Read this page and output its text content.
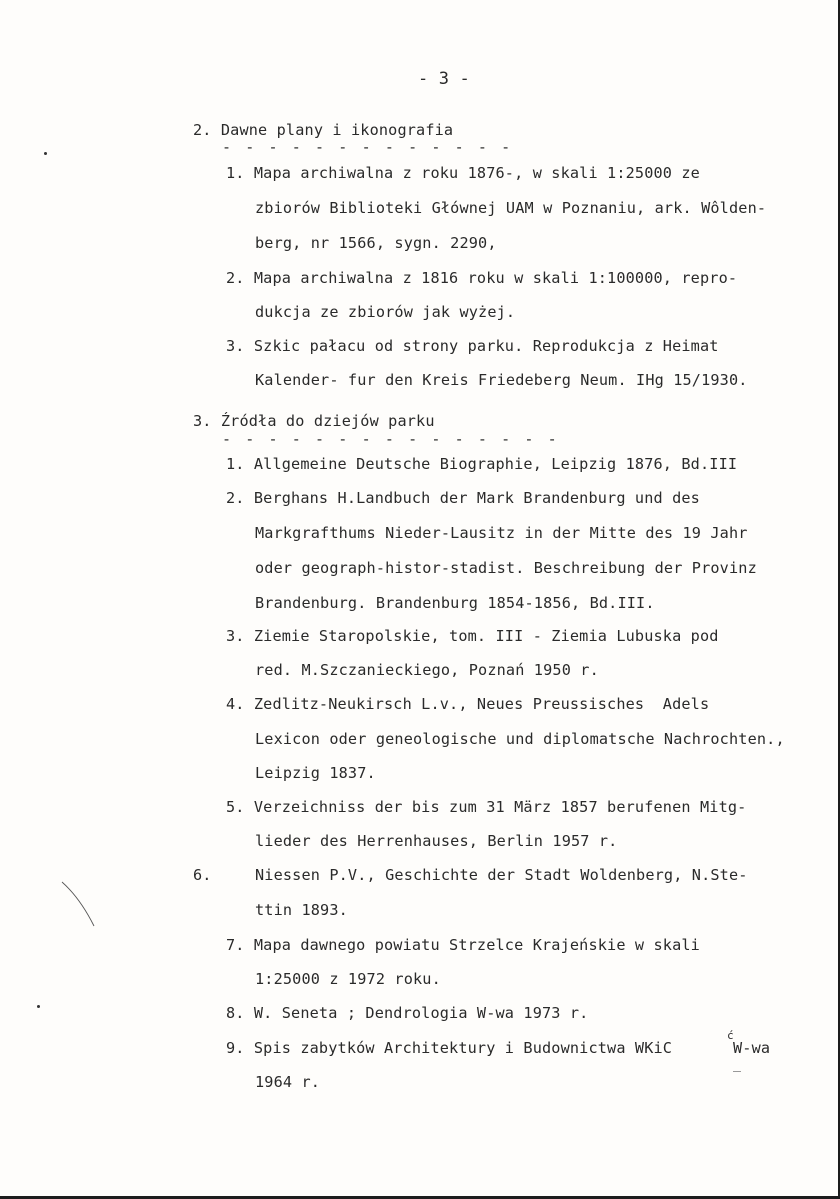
- 3 -
2. Dawne plany i ikonografia
- - - - - - - - - - - - -
1. Mapa archiwalna z roku 1876-, w skali 1:25000 ze
zbiorów Biblioteki Głównej UAM w Poznaniu, ark. Wôlden-
berg, nr 1566, sygn. 2290,
2. Mapa archiwalna z 1816 roku w skali 1:100000, repro-
dukcja ze zbiorów jak wyżej.
3. Szkic pałacu od strony parku. Reprodukcja z Heimat
Kalender- fur den Kreis Friedeberg Neum. IHg 15/1930.
3. Źródła do dziejów parku
- - - - - - - - - - - - - - -
1. Allgemeine Deutsche Biographie, Leipzig 1876, Bd.III
2. Berghans H.Landbuch der Mark Brandenburg und des
Markgrafthums Nieder-Lausitz in der Mitte des 19 Jahr
oder geograph-histor-stadist. Beschreibung der Provinz
Brandenburg. Brandenburg 1854-1856, Bd.III.
3. Ziemie Staropolskie, tom. III - Ziemia Lubuska pod
red. M.Szczanieckiego, Poznań 1950 r.
4. Zedlitz-Neukirsch L.v., Neues Preussisches  Adels
Lexicon oder geneologische und diplomatsche Nachrochten.,
Leipzig 1837.
5. Verzeichniss der bis zum 31 März 1857 berufenen Mitg-
lieder des Herrenhauses, Berlin 1957 r.
6.	Niessen P.V., Geschichte der Stadt Woldenberg, N.Ste-
ttin 1893.
7. Mapa dawnego powiatu Strzelce Krajeńskie w skali
1:25000 z 1972 roku.
8. W. Seneta ; Dendrologia W-wa 1973 r.
9. Spis zabytków Architektury i Budownictwa WKiC
ć
W-wa
1964 r.
